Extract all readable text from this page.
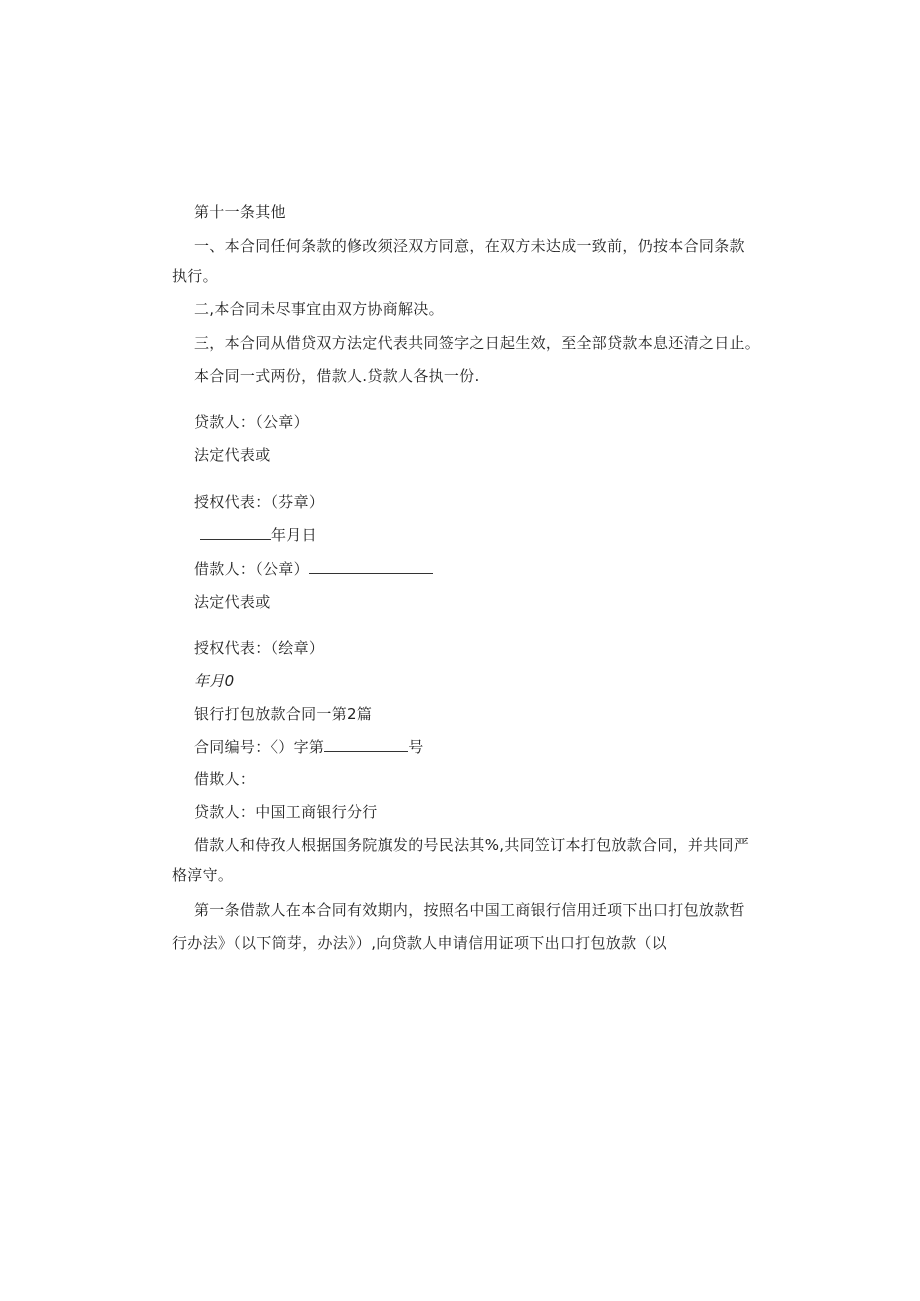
第十一条其他
一、本合同任何条款的修改须泾双方同意，在双方未达成一致前，仍按本合同条款
执行。
二,本合同未尽事宜由双方协商解决。
三，本合同从借贷双方法定代表共同签字之日起生效，至全部贷款本息还清之日止。
本合同一式两份，借款人.贷款人各执一份.
贷款人：（公章）
法定代表或
授权代表：（芬章）
年月日
借款人：（公章）
法定代表或
授权代表：（绘章）
年月0
银行打包放款合同一第2篇
合同编号：〈）字第	号
借欺人：
贷款人：中国工商银行分行
借款人和侍孜人根据国务院旗发的号民法其%,共同笠订本打包放款合同，并共同严
格淳守。
第一条借款人在本合同有效期内，按照名中国工商银行信用迁项下出口打包放款哲
行办法》（以下筒芽，办法》）,向贷款人申请信用证项下出口打包放款（以
